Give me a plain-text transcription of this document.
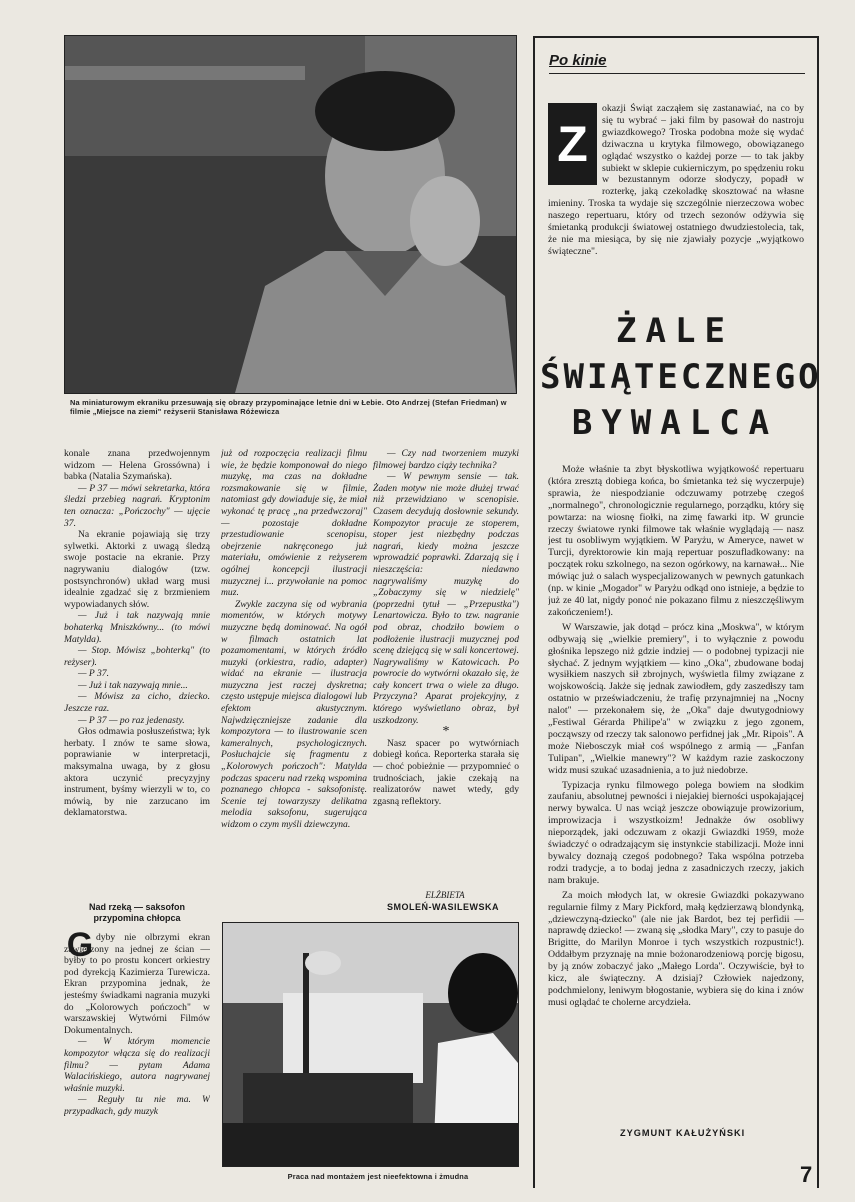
Na miniaturowym ekraniku przesuwają się obrazy przypominające letnie dni w Łebie. Oto Andrzej (Stefan Friedman) w filmie „Miejsce na ziemi" reżyserii Stanisława Różewicza

konale znana przedwojennym widzom — Helena Grossówna) i babka (Natalia Szymańska).

— P 37 — mówi sekretarka, która śledzi przebieg nagrań. Kryptonim ten oznacza: „Pończochy" — ujęcie 37.

Na ekranie pojawiają się trzy sylwetki. Aktorki z uwagą śledzą swoje postacie na ekranie. Przy nagrywaniu dialogów (tzw. postsynchronów) układ warg musi idealnie zgadzać się z brzmieniem wypowiadanych słów.

— Już i tak nazywają mnie bohaterką Mniszkówny... (to mówi Matylda).

— Stop. Mówisz „bohterką" (to reżyser).

— P 37.

— Już i tak nazywają mnie...

— Mówisz za cicho, dziecko. Jeszcze raz.

— P 37 — po raz jedenasty.

Głos odmawia posłuszeństwa; łyk herbaty. I znów te same słowa, poprawianie w interpretacji, maksymalna uwaga, by z głosu aktora uczynić precyzyjny instrument, byśmy wierzyli w to, co mówią, by nie zarzucano im deklamatorstwa.

Nad rzeką — saksofon przypomina chłopca
G dyby nie olbrzymi ekran zawieszony na jednej ze ścian — byłby to po prostu koncert orkiestry pod dyrekcją Kazimierza Turewicza. Ekran przypomina jednak, że jesteśmy świadkami nagrania muzyki do „Kolorowych pończoch" w warszawskiej Wytwórni Filmów Dokumentalnych.

— W którym momencie kompozytor włącza się do realizacji filmu? — pytam Adama Walacińskiego, autora nagrywanej właśnie muzyki.

— Reguły tu nie ma. W przypadkach, gdy muzyk

już od rozpoczęcia realizacji filmu wie, że będzie komponował do niego muzykę, ma czas na dokładne rozsmakowanie się w filmie, natomiast gdy dowiaduje się, że miał wykonać tę pracę „na przedwczoraj" — pozostaje dokładne przestudiowanie scenopisu, obejrzenie nakręconego już materiału, omówienie z reżyserem ogólnej koncepcji ilustracji muzycznej i... przywołanie na pomoc muz.

Zwykle zaczyna się od wybrania momentów, w których motywy muzyczne będą dominować. Na ogół w filmach ostatnich lat pozamomentami, w których źródło muzyki (orkiestra, radio, adapter) widać na ekranie — ilustracja muzyczna jest raczej dyskretna; często ustępuje miejsca dialogowi lub efektom akustycznym. Najwdzięczniejsze zadanie dla kompozytora — to ilustrowanie scen kameralnych, psychologicznych. Posłuchajcie się fragmentu z „Kolorowych pończoch": Matylda podczas spaceru nad rzeką wspomina poznanego chłopca - saksofonistę. Scenie tej towarzyszy delikatna melodia saksofonu, sugerująca widzom o czym myśli dziewczyna.

— Czy nad tworzeniem muzyki filmowej bardzo ciąży technika?

— W pewnym sensie — tak. Żaden motyw nie może dłużej trwać niż przewidziano w scenopisie. Czasem decydują dosłownie sekundy. Kompozytor pracuje ze stoperem, stoper jest niezbędny podczas nagrań, kiedy można jeszcze wprowadzić poprawki. Zdarzają się i nieszczęścia: niedawno nagrywaliśmy muzykę do „Zobaczymy się w niedzielę" (poprzedni tytuł — „Przepustka") Lenartowicza. Było to tzw. nagranie pod obraz, chodziło bowiem o podłożenie ilustracji muzycznej pod scenę dziejącą się w sali koncertowej. Nagrywaliśmy w Katowicach. Po powrocie do wytwórni okazało się, że cały koncert trwa o wiele za długo. Przyczyna? Aparat projekcyjny, z którego wyświetlano obraz, był uszkodzony.

*

Nasz spacer po wytwórniach dobiegł końca. Reporterka starała się — choć pobieżnie — przypomnieć o trudnościach, jakie czekają na realizatorów nawet wtedy, gdy zgasną reflektory.

ELŻBIETA
SMOLEŃ-WASILEWSKA
Praca nad montażem jest nieefektowna i żmudna
Po kinie
Z
okazji Świąt zacząłem się zastanawiać, na co by się tu wybrać – jaki film by pasował do nastroju gwiazdkowego? Troska podobna może się wydać dziwaczna u krytyka filmowego, obowiązanego oglądać wszystko o każdej porze — to tak jakby subiekt w sklepie cukierniczym, po spędzeniu roku w bezustannym odorze słodyczy, popadł w rozterkę, jaką czekoladkę skosztować na własne imieniny. Troska ta wydaje się szczególnie nierzeczowa wobec naszego repertuaru, który od trzech sezonów odżywia się śmietanką produkcji światowej ostatniego dwudziestolecia, tak, że nie ma miesiąca, by się nie zjawiały pozycje „wyjątkowo świąteczne".
ŻALE
ŚWIĄTECZNEGO
BYWALCA

Może właśnie ta zbyt błyskotliwa wyjątkowość repertuaru (która zresztą dobiega końca, bo śmietanka też się wyczerpuje) sprawia, że niespodzianie odczuwamy potrzebę czegoś „normalnego", chronologicznie regularnego, porządku, który się powtarza: na wiosnę fiołki, na zimę fawarki itp. W gruncie rzeczy światowe rynki filmowe tak właśnie wyglądają — nasz jest tu osobliwym wyjątkiem. W Paryżu, w Ameryce, nawet w Turcji, dyrektorowie kin mają repertuar poszufladkowany: na początek roku szkolnego, na sezon ogórkowy, na karnawał... Nie mówiąc już o salach wyspecjalizowanych w pewnych gatunkach (np. w kinie „Mogador" w Paryżu odkąd ono istnieje, a będzie to już ze 40 lat, nigdy ponoć nie pokazano filmu z nieszczęśliwym zakończeniem!).

W Warszawie, jak dotąd – prócz kina „Moskwa", w którym odbywają się „wielkie premiery", i to wyłącznie z powodu głośnika lepszego niż gdzie indziej — o podobnej typizacji nie słychać. Z jednym wyjątkiem — kino „Oka", zbudowane bodaj wysiłkiem naszych sił zbrojnych, wyświetla filmy związane z wojskowością. Jakże się jednak zawiodłem, gdy zaszedłszy tam ostatnio w przeświadczeniu, że trafię przynajmniej na „Nocny nalot" — przekonałem się, że „Oka" daje dwutygodniowy „Festiwal Gérarda Philipe'a" w związku z jego zgonem, począwszy od rzeczy tak salonowo perfidnej jak „Mr. Ripois". A może Niebosczyk miał coś wspólnego z armią — „Fanfan Tulipan", „Wielkie manewry"? W każdym razie zaskoczony widz musi szukać uzasadnienia, a to już niedobrze.

Typizacja rynku filmowego polega bowiem na słodkim zaufaniu, absolutnej pewności i niejakiej bierności uspokajającej nerwy bywalca. U nas wciąż jeszcze obowiązuje prowizorium, improwizacja i wszystkoizm! Jednakże ów osobliwy nieporządek, jaki odczuwam z okazji Gwiazdki 1959, może świadczyć o odradzającym się instynkcie stabilizacji. Może inni bywalcy doznają czegoś podobnego? Taka wspólna potrzeba rodzi tradycje, a to bodaj jedna z zasadniczych rzeczy, jakich nam brakuje.

Za moich młodych lat, w okresie Gwiazdki pokazywano regularnie filmy z Mary Pickford, małą kędzierzawą blondynką, „dziewczyną-dziecko" (ale nie jak Bardot, bez tej perfidii — naprawdę dziecko! — zwaną się „słodka Mary", czy to pasuje do Brigitte, do Marilyn Monroe i tych wszystkich rozpustnic!). Oddałbym przyznaję na mnie bożonarodzeniową porcję bigosu, by ją znów zobaczyć jako „Małego Lorda". Oczywiście, był to kicz, ale świąteczny. A dzisiaj? Człowiek najedzony, podchmielony, leniwym błogostanie, wybiera się do kina i znów musi oglądać te cholerne arcydzieła.

ZYGMUNT KAŁUŻYŃSKI
7
